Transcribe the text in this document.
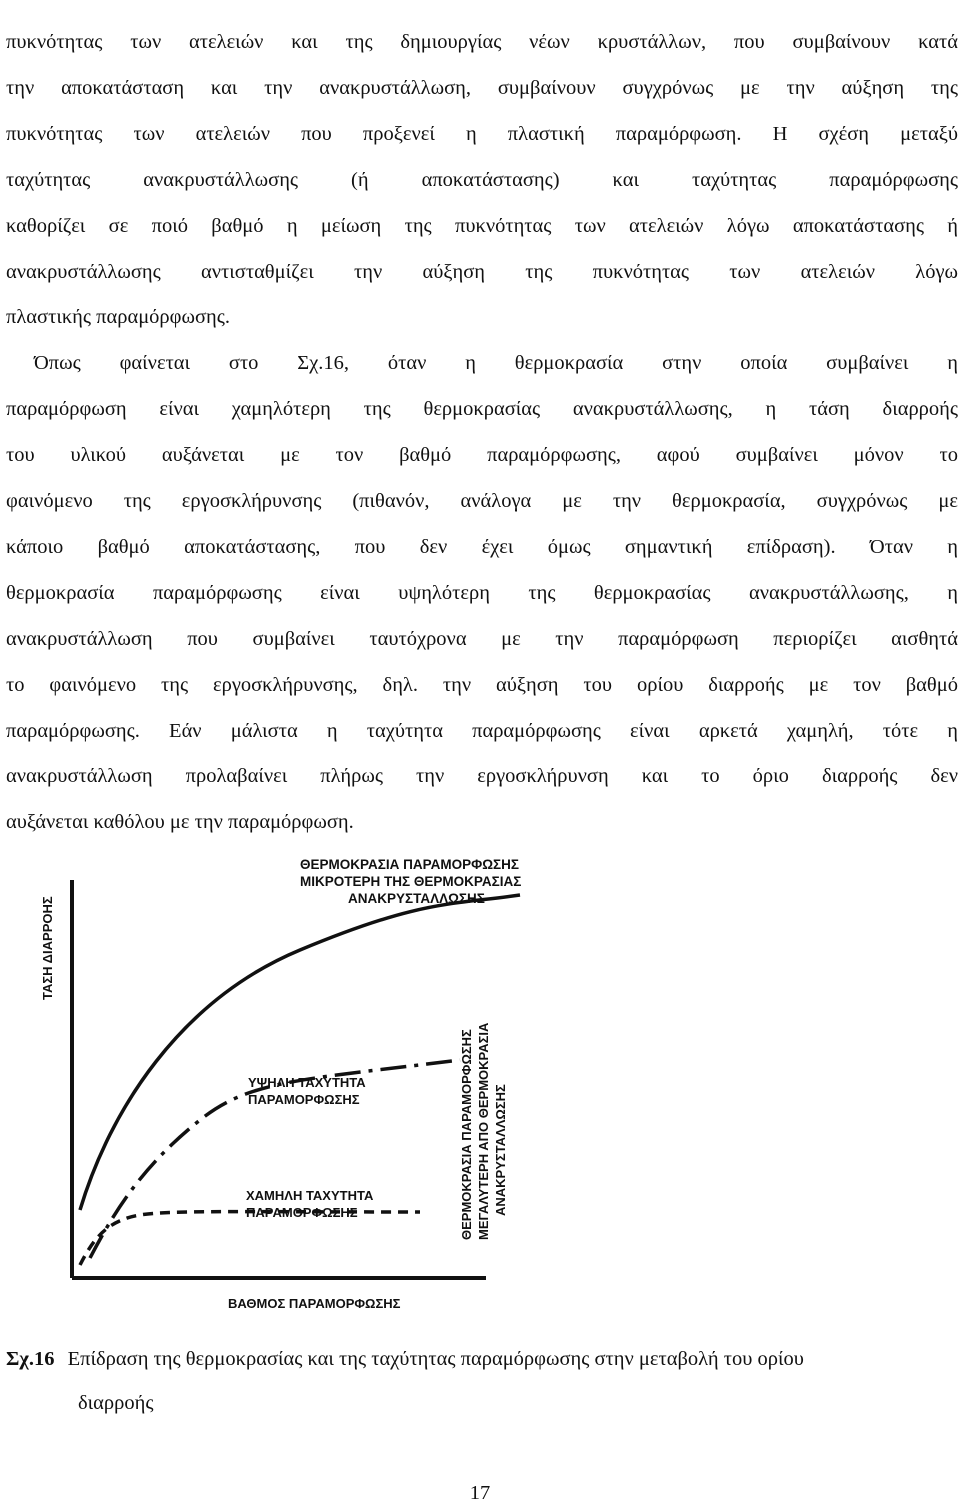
πυκνότητας των ατελειών και της δημιουργίας νέων κρυστάλλων, που συμβαίνουν κατά
την αποκατάσταση και την ανακρυστάλλωση, συμβαίνουν συγχρόνως με την αύξηση της
πυκνότητας των ατελειών που προξενεί η πλαστική παραμόρφωση. Η σχέση μεταξύ
ταχύτητας ανακρυστάλλωσης (ή αποκατάστασης) και ταχύτητας παραμόρφωσης
καθορίζει σε ποιό βαθμό η μείωση της πυκνότητας των ατελειών λόγω αποκατάστασης ή
ανακρυστάλλωσης αντισταθμίζει την αύξηση της πυκνότητας των ατελειών λόγω
πλαστικής παραμόρφωσης.
Όπως φαίνεται στο Σχ.16, όταν η θερμοκρασία στην οποία συμβαίνει η
παραμόρφωση είναι χαμηλότερη της θερμοκρασίας ανακρυστάλλωσης, η τάση διαρροής
του υλικού αυξάνεται με τον βαθμό παραμόρφωσης, αφού συμβαίνει μόνον το
φαινόμενο της εργοσκλήρυνσης (πιθανόν, ανάλογα με την θερμοκρασία, συγχρόνως με
κάποιο βαθμό αποκατάστασης, που δεν έχει όμως σημαντική επίδραση). Όταν η
θερμοκρασία παραμόρφωσης είναι υψηλότερη της θερμοκρασίας ανακρυστάλλωσης, η
ανακρυστάλλωση που συμβαίνει ταυτόχρονα με την παραμόρφωση περιορίζει αισθητά
το φαινόμενο της εργοσκλήρυνσης, δηλ. την αύξηση του ορίου διαρροής με τον βαθμό
παραμόρφωσης. Εάν μάλιστα η ταχύτητα παραμόρφωσης είναι αρκετά χαμηλή, τότε η
ανακρυστάλλωση προλαβαίνει πλήρως την εργοσκλήρυνση και το όριο διαρροής δεν
αυξάνεται καθόλου με την παραμόρφωση.
ΘΕΡΜΟΚΡΑΣΙΑ ΠΑΡΑΜΟΡΦΩΣΗΣ
ΜΙΚΡΟΤΕΡΗ ΤΗΣ ΘΕΡΜΟΚΡΑΣΙΑΣ
ΑΝΑΚΡΥΣΤΑΛΛΩΣΗΣ
ΥΨΗΛΗ ΤΑΧΥΤΗΤΑ
ΠΑΡΑΜΟΡΦΩΣΗΣ
ΧΑΜΗΛΗ ΤΑΧΥΤΗΤΑ
ΠΑΡΑΜΟΡΦΩΣΗΣ
ΒΑΘΜΟΣ ΠΑΡΑΜΟΡΦΩΣΗΣ
ΤΑΣΗ ΔΙΑΡΡΟΗΣ
ΘΕΡΜΟΚΡΑΣΙΑ ΠΑΡΑΜΟΡΦΩΣΗΣ ΜΕΓΑΛΥΤΕΡΗ ΑΠΟ ΘΕΡΜΟΚΡΑΣΙΑ ΑΝΑΚΡΥΣΤΑΛΛΩΣΗΣ
Σχ.16 Επίδραση της θερμοκρασίας και της ταχύτητας παραμόρφωσης στην μεταβολή του ορίου
διαρροής
17
